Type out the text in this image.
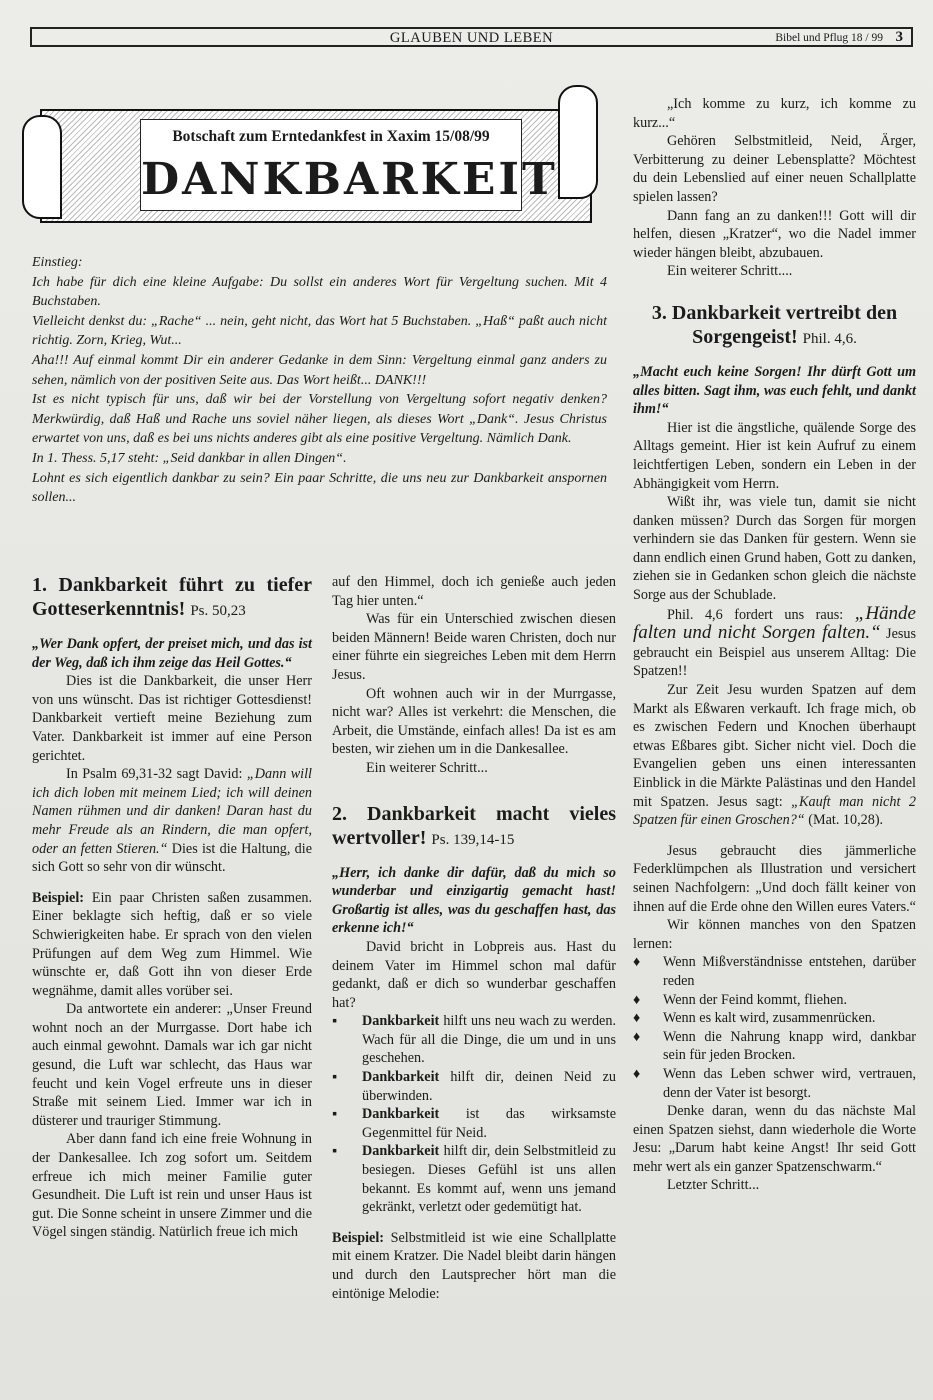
GLAUBEN UND LEBEN	Bibel und Pflug 18 / 99 3
Botschaft zum Erntedankfest in Xaxim 15/08/99
DANKBARKEIT

Einstieg:

Ich habe für dich eine kleine Aufgabe: Du sollst ein anderes Wort für Vergeltung suchen. Mit 4 Buchstaben.

Vielleicht denkst du: „Rache“ ... nein, geht nicht, das Wort hat 5 Buchstaben. „Haß“ paßt auch nicht richtig. Zorn, Krieg, Wut...

Aha!!! Auf einmal kommt Dir ein anderer Gedanke in dem Sinn: Vergeltung einmal ganz anders zu sehen, nämlich von der positiven Seite aus. Das Wort heißt... DANK!!!

Ist es nicht typisch für uns, daß wir bei der Vorstellung von Vergeltung sofort negativ denken? Merkwürdig, daß Haß und Rache uns soviel näher liegen, als dieses Wort „Dank“. Jesus Christus erwartet von uns, daß es bei uns nichts anderes gibt als eine positive Vergeltung. Nämlich Dank.

In 1. Thess. 5,17 steht: „Seid dankbar in allen Dingen“.

Lohnt es sich eigentlich dankbar zu sein? Ein paar Schritte, die uns neu zur Dankbarkeit anspornen sollen...

1. Dankbarkeit führt zu tiefer Gotteserkenntnis! Ps. 50,23

„Wer Dank opfert, der preiset mich, und das ist der Weg, daß ich ihm zeige das Heil Gottes.“

Dies ist die Dankbarkeit, die unser Herr von uns wünscht. Das ist richtiger Gottesdienst! Dankbarkeit vertieft meine Beziehung zum Vater. Dankbarkeit ist immer auf eine Person gerichtet.

In Psalm 69,31-32 sagt David: „Dann will ich dich loben mit meinem Lied; ich will deinen Namen rühmen und dir danken! Daran hast du mehr Freude als an Rindern, die man opfert, oder an fetten Stieren.“ Dies ist die Haltung, die sich Gott so sehr von dir wünscht.

Beispiel: Ein paar Christen saßen zusammen. Einer beklagte sich heftig, daß er so viele Schwierigkeiten habe. Er sprach von den vielen Prüfungen auf dem Weg zum Himmel. Wie wünschte er, daß Gott ihn von dieser Erde wegnähme, damit alles vorüber sei.

Da antwortete ein anderer: „Unser Freund wohnt noch an der Murrgasse. Dort habe ich auch einmal gewohnt. Damals war ich gar nicht gesund, die Luft war schlecht, das Haus war feucht und kein Vogel erfreute uns in dieser Straße mit seinem Lied. Immer war ich in düsterer und trauriger Stimmung.

Aber dann fand ich eine freie Wohnung in der Dankesallee. Ich zog sofort um. Seitdem erfreue ich mich meiner Familie guter Gesundheit. Die Luft ist rein und unser Haus ist gut. Die Sonne scheint in unsere Zimmer und die Vögel singen ständig. Natürlich freue ich mich

auf den Himmel, doch ich genieße auch jeden Tag hier unten.“

Was für ein Unterschied zwischen diesen beiden Männern! Beide waren Christen, doch nur einer führte ein siegreiches Leben mit dem Herrn Jesus.

Oft wohnen auch wir in der Murrgasse, nicht war? Alles ist verkehrt: die Menschen, die Arbeit, die Umstände, einfach alles! Da ist es am besten, wir ziehen um in die Dankesallee.

Ein weiterer Schritt...

2. Dankbarkeit macht vieles wertvoller! Ps. 139,14-15

„Herr, ich danke dir dafür, daß du mich so wunderbar und einzigartig gemacht hast! Großartig ist alles, was du geschaffen hast, das erkenne ich!“

David bricht in Lobpreis aus. Hast du deinem Vater im Himmel schon mal dafür gedankt, daß er dich so wunderbar geschaffen hat?

▪ Dankbarkeit hilft uns neu wach zu werden. Wach für all die Dinge, die um und in uns geschehen.

▪ Dankbarkeit hilft dir, deinen Neid zu überwinden.

▪ Dankbarkeit ist das wirksamste Gegenmittel für Neid.

▪ Dankbarkeit hilft dir, dein Selbstmitleid zu besiegen. Dieses Gefühl ist uns allen bekannt. Es kommt auf, wenn uns jemand gekränkt, verletzt oder gedemütigt hat.

Beispiel: Selbstmitleid ist wie eine Schallplatte mit einem Kratzer. Die Nadel bleibt darin hängen und durch den Lautsprecher hört man die eintönige Melodie:

„Ich komme zu kurz, ich komme zu kurz...“

Gehören Selbstmitleid, Neid, Ärger, Verbitterung zu deiner Lebensplatte? Möchtest du dein Lebenslied auf einer neuen Schallplatte spielen lassen?

Dann fang an zu danken!!! Gott will dir helfen, diesen „Kratzer“, wo die Nadel immer wieder hängen bleibt, abzubauen.

Ein weiterer Schritt....

3. Dankbarkeit vertreibt den Sorgengeist! Phil. 4,6.

„Macht euch keine Sorgen! Ihr dürft Gott um alles bitten. Sagt ihm, was euch fehlt, und dankt ihm!“

Hier ist die ängstliche, quälende Sorge des Alltags gemeint. Hier ist kein Aufruf zu einem leichtfertigen Leben, sondern ein Leben in der Abhängigkeit vom Herrn.

Wißt ihr, was viele tun, damit sie nicht danken müssen? Durch das Sorgen für morgen verhindern sie das Danken für gestern. Wenn sie dann endlich einen Grund haben, Gott zu danken, ziehen sie in Gedanken schon gleich die nächste Sorge aus der Schublade.

Phil. 4,6 fordert uns raus: „Hände falten und nicht Sorgen falten.“ Jesus gebraucht ein Beispiel aus unserem Alltag: Die Spatzen!!

Zur Zeit Jesu wurden Spatzen auf dem Markt als Eßwaren verkauft. Ich frage mich, ob es zwischen Federn und Knochen überhaupt etwas Eßbares gibt. Sicher nicht viel. Doch die Evangelien geben uns einen interessanten Einblick in die Märkte Palästinas und den Handel mit Spatzen. Jesus sagt: „Kauft man nicht 2 Spatzen für einen Groschen?“ (Mat. 10,28).

Jesus gebraucht dies jämmerliche Federklümpchen als Illustration und versichert seinen Nachfolgern: „Und doch fällt keiner von ihnen auf die Erde ohne den Willen eures Vaters.“

Wir können manches von den Spatzen lernen:

♦ Wenn Mißverständnisse entstehen, darüber reden

♦ Wenn der Feind kommt, fliehen.

♦ Wenn es kalt wird, zusammenrücken.

♦ Wenn die Nahrung knapp wird, dankbar sein für jeden Brocken.

♦ Wenn das Leben schwer wird, vertrauen, denn der Vater ist besorgt.

Denke daran, wenn du das nächste Mal einen Spatzen siehst, dann wiederhole die Worte Jesu: „Darum habt keine Angst! Ihr seid Gott mehr wert als ein ganzer Spatzenschwarm.“

Letzter Schritt...
